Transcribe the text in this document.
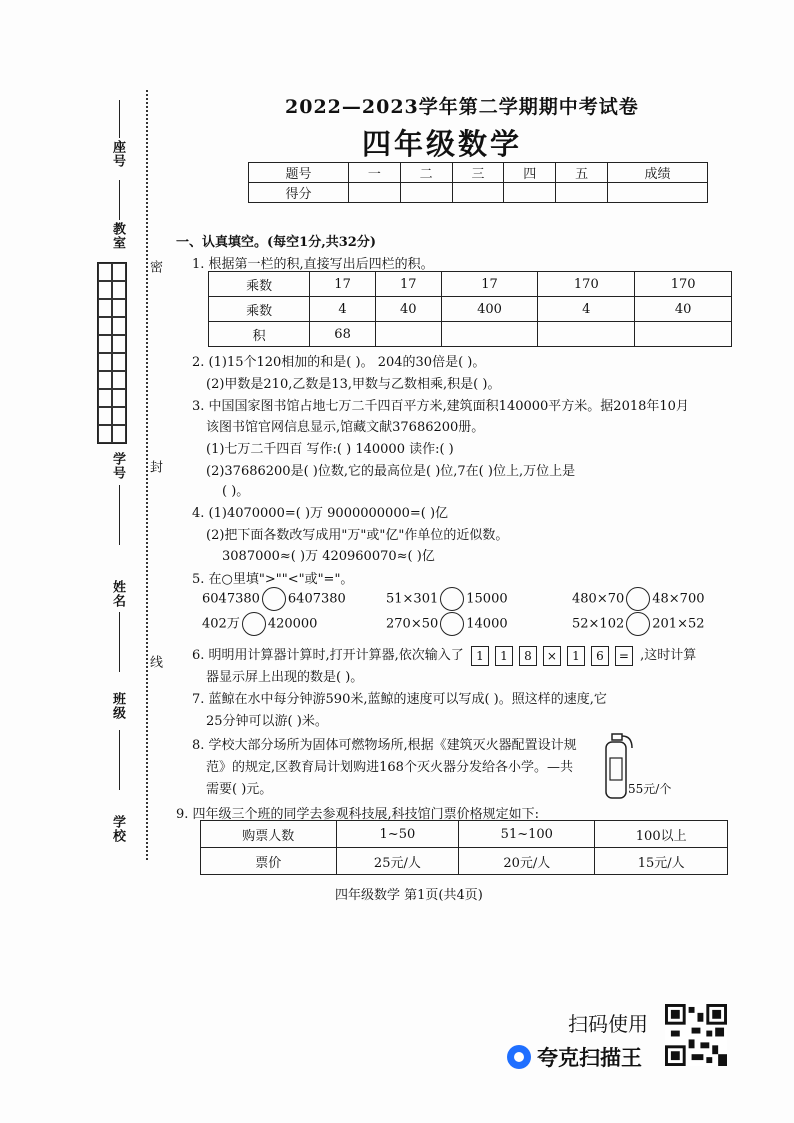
座号
教室
密
学号 封
姓名
线
班级
学校
2022—2023学年第二学期期中考试卷
四年级数学
题号	一	二	三	四	五	成绩
得分						
一、认真填空。(每空1分,共32分)
1. 根据第一栏的积,直接写出后四栏的积。
乘数	17	17	17	170	170
乘数	4	40	400	4	40
积	68				
2. (1)15个120相加的和是( )。 204的30倍是( )。
(2)甲数是210,乙数是13,甲数与乙数相乘,积是( )。
3. 中国国家图书馆占地七万二千四百平方米,建筑面积140000平方米。据2018年10月
该图书馆官网信息显示,馆藏文献37686200册。
(1)七万二千四百 写作:( ) 140000 读作:( )
(2)37686200是( )位数,它的最高位是( )位,7在( )位上,万位上是
( )。
4. (1)4070000=( )万 9000000000=( )亿
(2)把下面各数改写成用"万"或"亿"作单位的近似数。
3087000≈( )万 420960070≈( )亿
5. 在○里填">""<"或"="。
6047380 6407380	51×301 15000	480×70 48×700
402万 420000	270×50 14000	52×102 201×52
6. 明明用计算器计算时,打开计算器,依次输入了 1 1 8 × 1 6 = ,这时计算
器显示屏上出现的数是( )。
7. 蓝鲸在水中每分钟游590米,蓝鲸的速度可以写成( )。照这样的速度,它
25分钟可以游( )米。
8. 学校大部分场所为固体可燃物场所,根据《建筑灭火器配置设计规
范》的规定,区教育局计划购进168个灭火器分发给各小学。—共
需要( )元。	55元/个
9. 四年级三个班的同学去参观科技展,科技馆门票价格规定如下:
购票人数	1~50	51~100	100以上
票价	25元/人	20元/人	15元/人
四年级数学 第1页(共4页)
扫码使用
夸克扫描王
